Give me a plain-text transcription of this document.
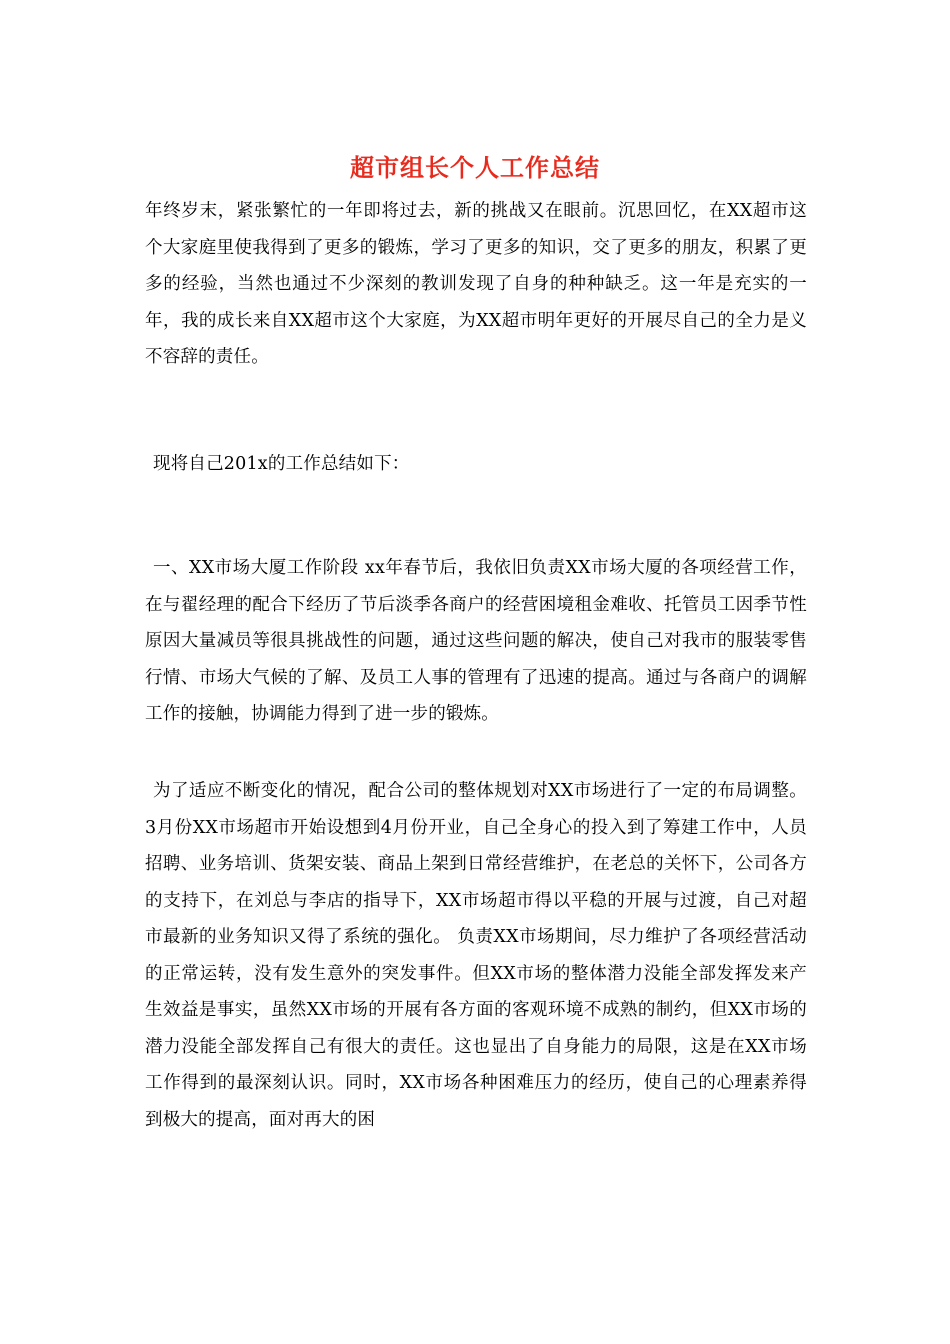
超市组长个人工作总结

年终岁末，紧张繁忙的一年即将过去，新的挑战又在眼前。沉思回忆，在XX超市这个大家庭里使我得到了更多的锻炼，学习了更多的知识，交了更多的朋友，积累了更多的经验，当然也通过不少深刻的教训发现了自身的种种缺乏。这一年是充实的一年，我的成长来自XX超市这个大家庭，为XX超市明年更好的开展尽自己的全力是义不容辞的责任。

现将自己201x的工作总结如下：

一、XX市场大厦工作阶段 xx年春节后，我依旧负责XX市场大厦的各项经营工作，在与翟经理的配合下经历了节后淡季各商户的经营困境租金难收、托管员工因季节性原因大量减员等很具挑战性的问题，通过这些问题的解决，使自己对我市的服装零售行情、市场大气候的了解、及员工人事的管理有了迅速的提高。通过与各商户的调解工作的接触，协调能力得到了进一步的锻炼。

为了适应不断变化的情况，配合公司的整体规划对XX市场进行了一定的布局调整。3月份XX市场超市开始设想到4月份开业，自己全身心的投入到了筹建工作中，人员招聘、业务培训、货架安装、商品上架到日常经营维护，在老总的关怀下，公司各方的支持下，在刘总与李店的指导下，XX市场超市得以平稳的开展与过渡，自己对超市最新的业务知识又得了系统的强化。 负责XX市场期间，尽力维护了各项经营活动的正常运转，没有发生意外的突发事件。但XX市场的整体潜力没能全部发挥发来产生效益是事实，虽然XX市场的开展有各方面的客观环境不成熟的制约，但XX市场的潜力没能全部发挥自己有很大的责任。这也显出了自身能力的局限，这是在XX市场工作得到的最深刻认识。同时，XX市场各种困难压力的经历，使自己的心理素养得到极大的提高，面对再大的困
